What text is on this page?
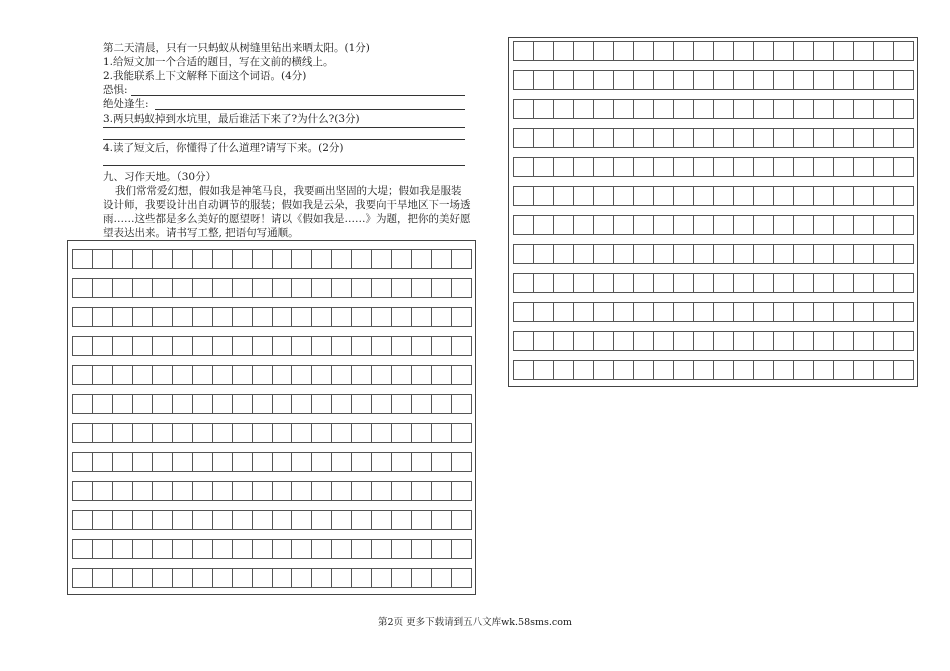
第二天清晨，只有一只蚂蚁从树缝里钻出来晒太阳。(1分)
1.给短文加一个合适的题目，写在文前的横线上。
2.我能联系上下文解释下面这个词语。(4分)
恐惧:
绝处逢生:
3.两只蚂蚁掉到水坑里，最后谁活下来了?为什么?(3分)
4.读了短文后，你懂得了什么道理?请写下来。(2分)
九、习作天地。（30分）
我们常常爱幻想，假如我是神笔马良，我要画出坚固的大堤；假如我是服装
设计师，我要设计出自动调节的服装；假如我是云朵，我要向干旱地区下一场透
雨……这些都是多么美好的愿望呀！请以《假如我是……》为题，把你的美好愿
望表达出来。请书写工整, 把语句写通顺。
第2页 更多下载请到五八文库wk.58sms.com
